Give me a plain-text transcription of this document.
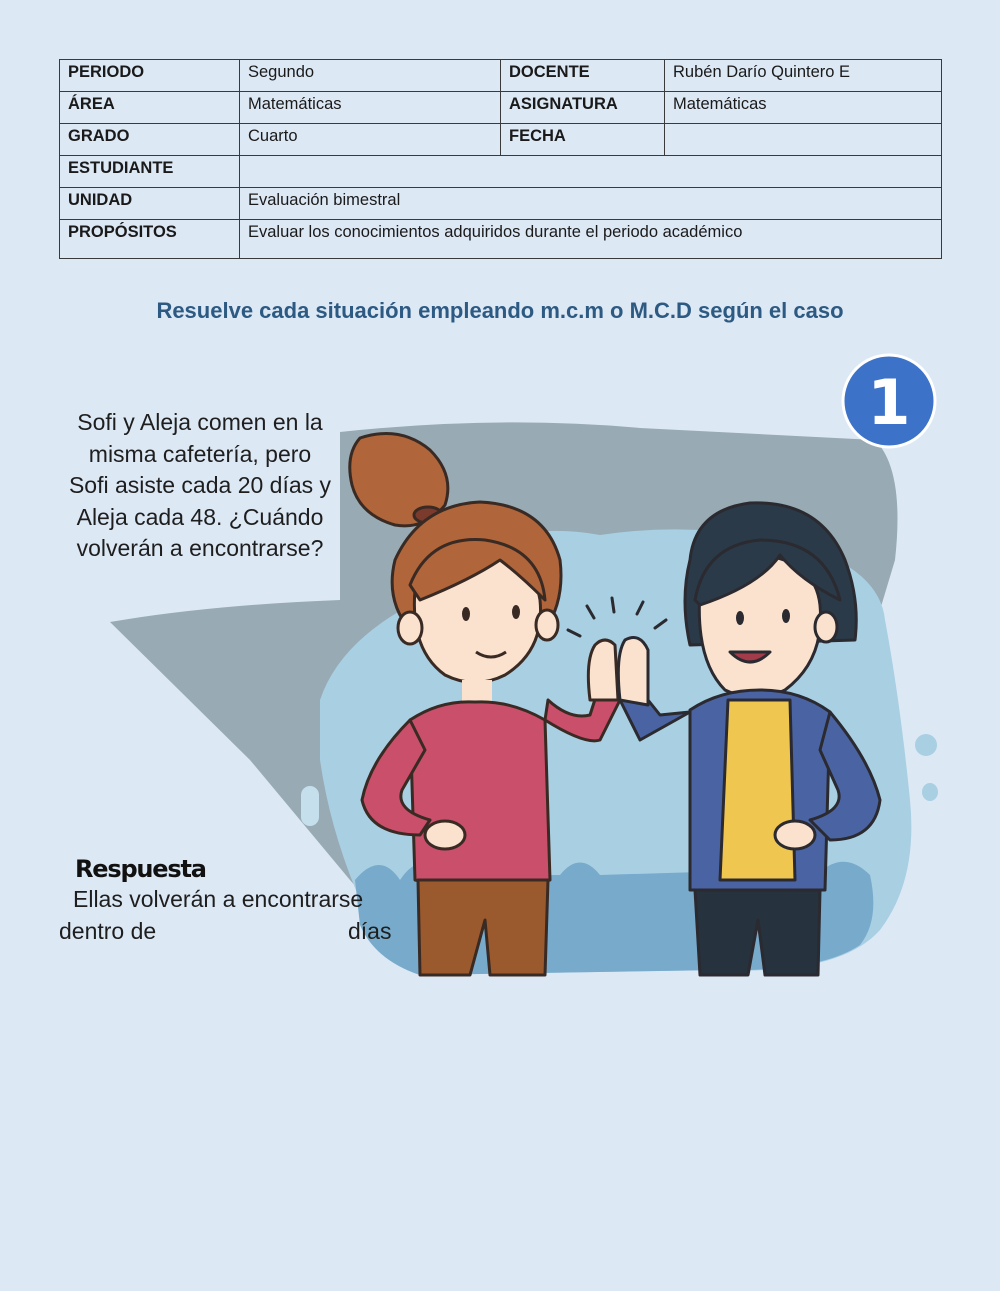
PERIODO	Segundo	DOCENTE	Rubén Darío Quintero E
ÁREA	Matemáticas	ASIGNATURA	Matemáticas
GRADO	Cuarto	FECHA	
ESTUDIANTE			
UNIDAD	Evaluación bimestral		
PROPÓSITOS	Evaluar los conocimientos adquiridos durante el periodo académico		
Resuelve cada situación empleando m.c.m o M.C.D según el caso
1
Sofi y Aleja comen en la
misma cafetería, pero
Sofi asiste cada 20 días y
Aleja cada 48. ¿Cuándo
volverán a encontrarse?
Respuesta
Ellas volverán a encontrarse
dentro de	días
